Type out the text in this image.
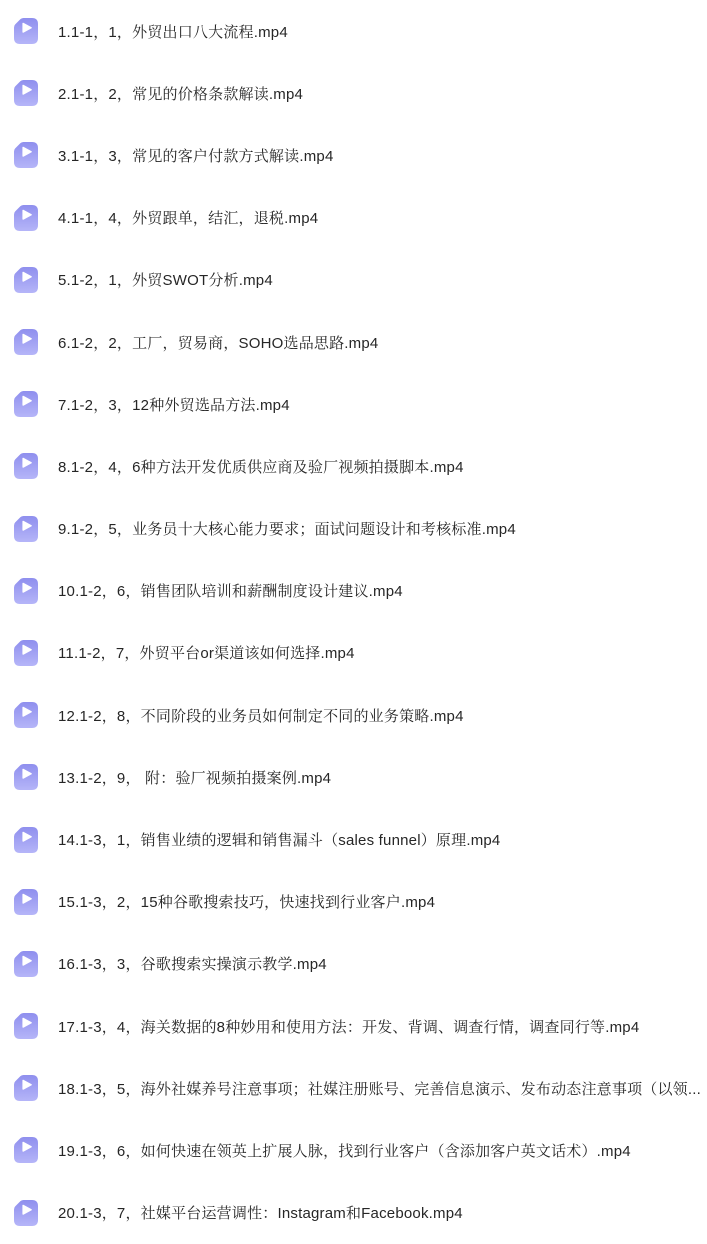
1.1-1，1，外贸出口八大流程.mp4
2.1-1，2，常见的价格条款解读.mp4
3.1-1，3，常见的客户付款方式解读.mp4
4.1-1，4，外贸跟单，结汇，退税.mp4
5.1-2，1，外贸SWOT分析.mp4
6.1-2，2，工厂，贸易商，SOHO选品思路.mp4
7.1-2，3，12种外贸选品方法.mp4
8.1-2，4，6种方法开发优质供应商及验厂视频拍摄脚本.mp4
9.1-2，5，业务员十大核心能力要求；面试问题设计和考核标准.mp4
10.1-2，6，销售团队培训和薪酬制度设计建议.mp4
11.1-2，7，外贸平台or渠道该如何选择.mp4
12.1-2，8，不同阶段的业务员如何制定不同的业务策略.mp4
13.1-2，9， 附：验厂视频拍摄案例.mp4
14.1-3，1，销售业绩的逻辑和销售漏斗（sales funnel）原理.mp4
15.1-3，2，15种谷歌搜索技巧，快速找到行业客户.mp4
16.1-3，3，谷歌搜索实操演示教学.mp4
17.1-3，4，海关数据的8种妙用和使用方法：开发、背调、调查行情，调查同行等.mp4
18.1-3，5，海外社媒养号注意事项；社媒注册账号、完善信息演示、发布动态注意事项（以领...
19.1-3，6，如何快速在领英上扩展人脉，找到行业客户（含添加客户英文话术）.mp4
20.1-3，7，社媒平台运营调性：Instagram和Facebook.mp4
